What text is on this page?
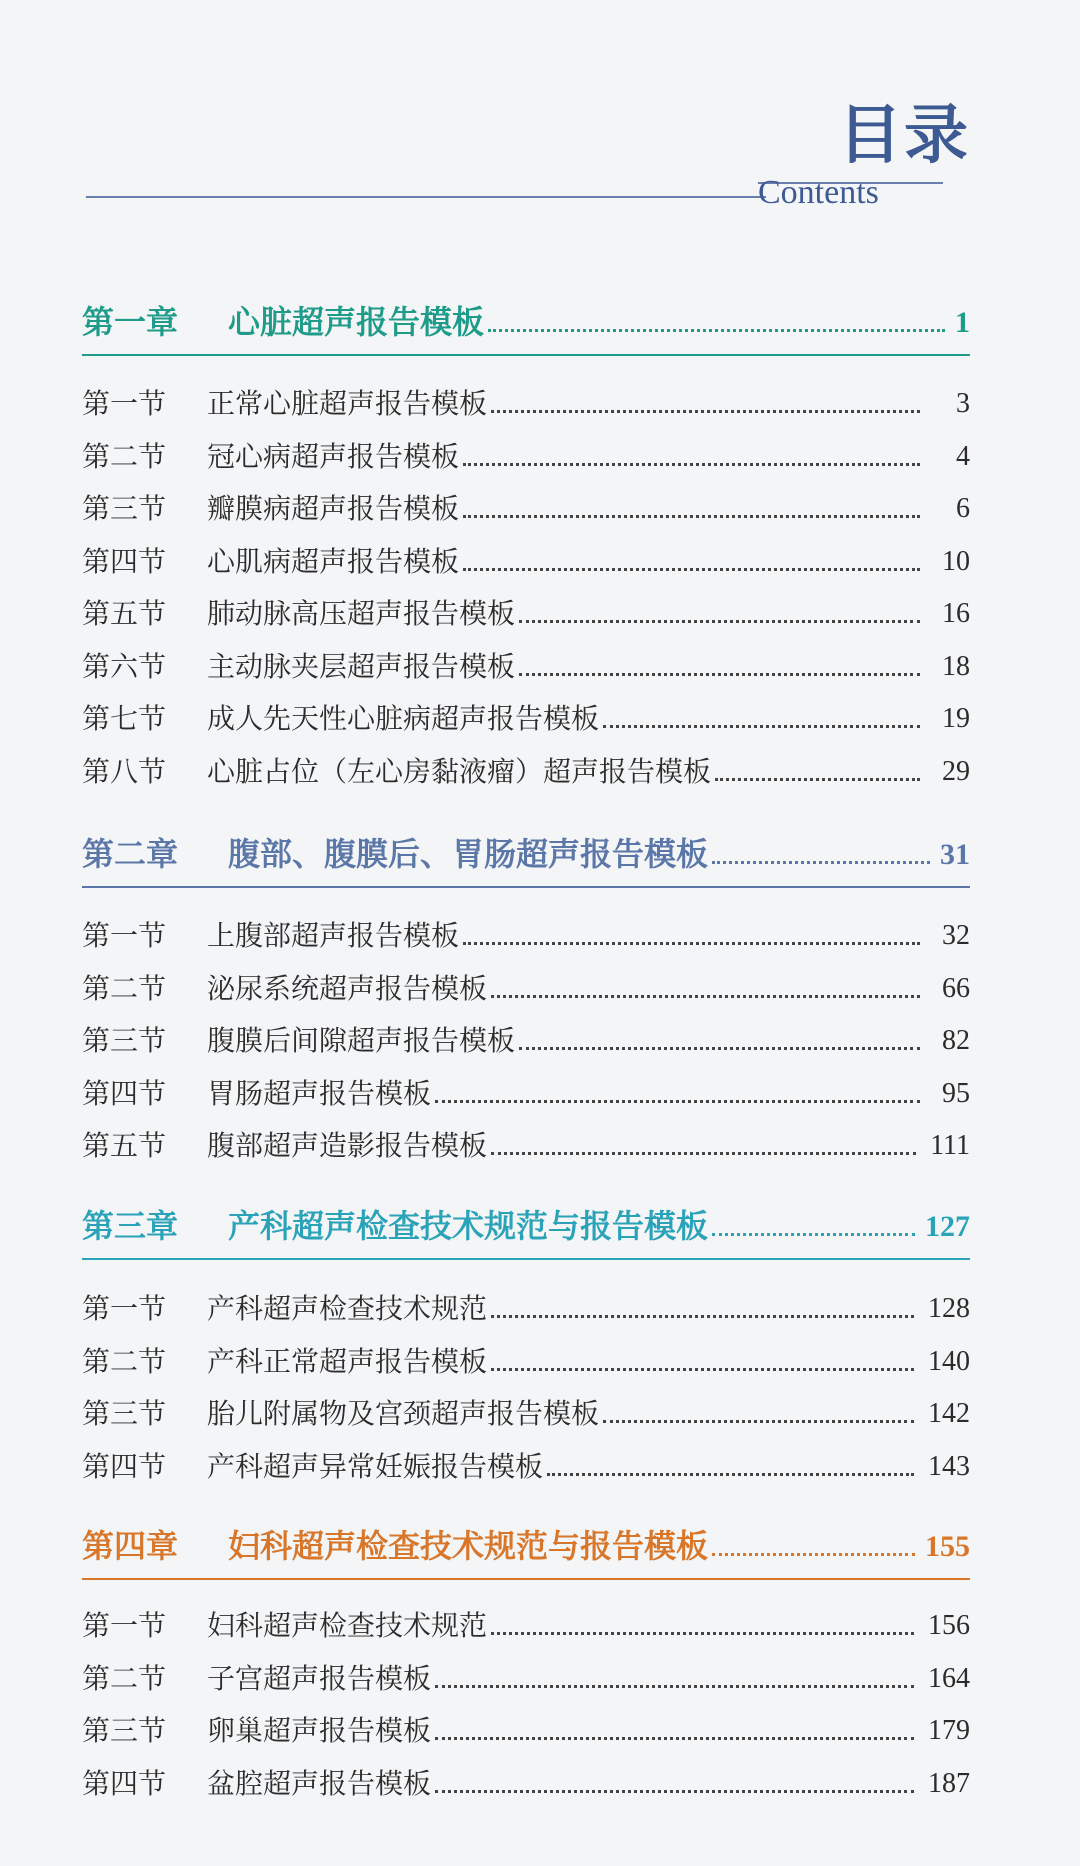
目录
Contents
第一章	心脏超声报告模板	1
第一节	正常心脏超声报告模板	3
第二节	冠心病超声报告模板	4
第三节	瓣膜病超声报告模板	6
第四节	心肌病超声报告模板	10
第五节	肺动脉高压超声报告模板	16
第六节	主动脉夹层超声报告模板	18
第七节	成人先天性心脏病超声报告模板	19
第八节	心脏占位（左心房黏液瘤）超声报告模板	29
第二章	腹部、腹膜后、胃肠超声报告模板	31
第一节	上腹部超声报告模板	32
第二节	泌尿系统超声报告模板	66
第三节	腹膜后间隙超声报告模板	82
第四节	胃肠超声报告模板	95
第五节	腹部超声造影报告模板	111
第三章	产科超声检查技术规范与报告模板	127
第一节	产科超声检查技术规范	128
第二节	产科正常超声报告模板	140
第三节	胎儿附属物及宫颈超声报告模板	142
第四节	产科超声异常妊娠报告模板	143
第四章	妇科超声检查技术规范与报告模板	155
第一节	妇科超声检查技术规范	156
第二节	子宫超声报告模板	164
第三节	卵巢超声报告模板	179
第四节	盆腔超声报告模板	187
